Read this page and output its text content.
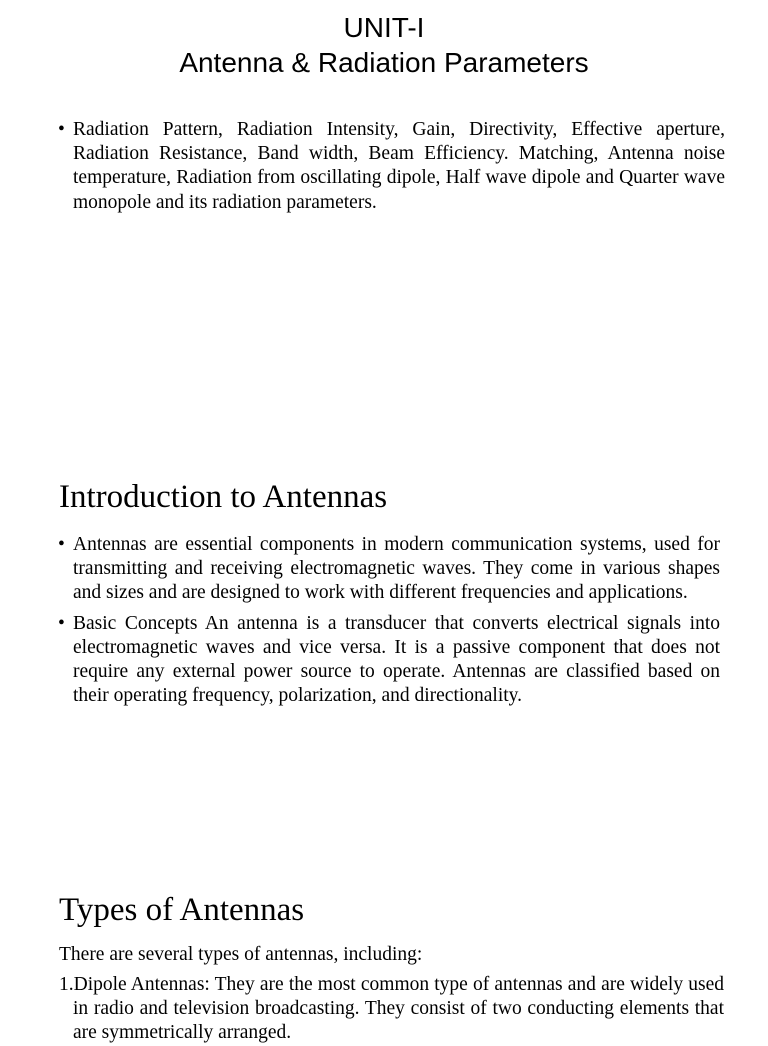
UNIT-I
Antenna & Radiation Parameters
• Radiation Pattern, Radiation Intensity, Gain, Directivity, Effective aperture, Radiation Resistance, Band width, Beam Efficiency. Matching, Antenna noise temperature, Radiation from oscillating dipole, Half wave dipole and Quarter wave monopole and its radiation parameters.
Introduction to Antennas
• Antennas are essential components in modern communication systems, used for transmitting and receiving electromagnetic waves. They come in various shapes and sizes and are designed to work with different frequencies and applications.
• Basic Concepts An antenna is a transducer that converts electrical signals into electromagnetic waves and vice versa. It is a passive component that does not require any external power source to operate. Antennas are classified based on their operating frequency, polarization, and directionality.
Types of Antennas

There are several types of antennas, including:

1.Dipole Antennas: They are the most common type of antennas and are widely used in radio and television broadcasting. They consist of two conducting elements that are symmetrically arranged.
